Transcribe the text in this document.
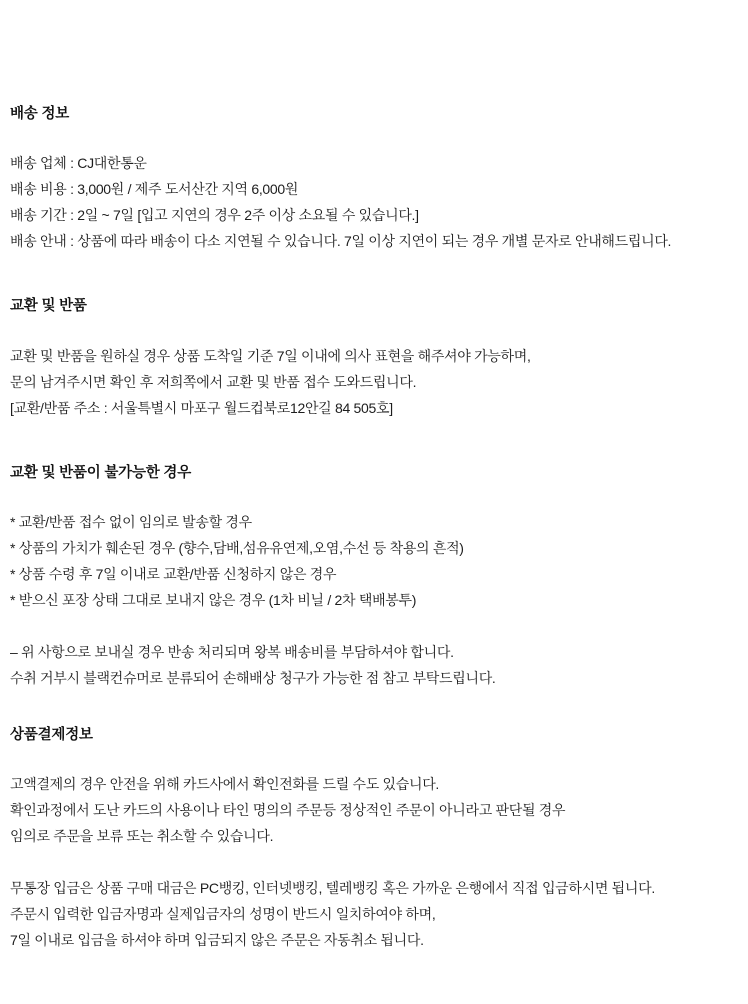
배송 정보
배송 업체 : CJ대한통운
배송 비용 : 3,000원 / 제주 도서산간 지역 6,000원
배송 기간 : 2일 ~ 7일 [입고 지연의 경우 2주 이상 소요될 수 있습니다.]
배송 안내 : 상품에 따라 배송이 다소 지연될 수 있습니다. 7일 이상 지연이 되는 경우 개별 문자로 안내해드립니다.
교환 및 반품
교환 및 반품을 원하실 경우 상품 도착일 기준 7일 이내에 의사 표현을 해주셔야 가능하며,
문의 남겨주시면 확인 후 저희쪽에서 교환 및 반품 접수 도와드립니다.
[교환/반품 주소 : 서울특별시 마포구 월드컵북로12안길 84 505호]
교환 및 반품이 불가능한 경우
* 교환/반품 접수 없이 임의로 발송할 경우
* 상품의 가치가 훼손된 경우 (향수,담배,섬유유연제,오염,수선 등 착용의 흔적)
* 상품 수령 후 7일 이내로 교환/반품 신청하지 않은 경우
* 받으신 포장 상태 그대로 보내지 않은 경우 (1차 비닐 / 2차 택배봉투)
– 위 사항으로 보내실 경우 반송 처리되며 왕복 배송비를 부담하셔야 합니다.
수취 거부시 블랙컨슈머로 분류되어 손해배상 청구가 가능한 점 참고 부탁드립니다.
상품결제정보
고액결제의 경우 안전을 위해 카드사에서 확인전화를 드릴 수도 있습니다.
확인과정에서 도난 카드의 사용이나 타인 명의의 주문등 정상적인 주문이 아니라고 판단될 경우
임의로 주문을 보류 또는 취소할 수 있습니다.
무통장 입금은 상품 구매 대금은 PC뱅킹, 인터넷뱅킹, 텔레뱅킹 혹은 가까운 은행에서 직접 입금하시면 됩니다.
주문시 입력한 입금자명과 실제입금자의 성명이 반드시 일치하여야 하며,
7일 이내로 입금을 하셔야 하며 입금되지 않은 주문은 자동취소 됩니다.
